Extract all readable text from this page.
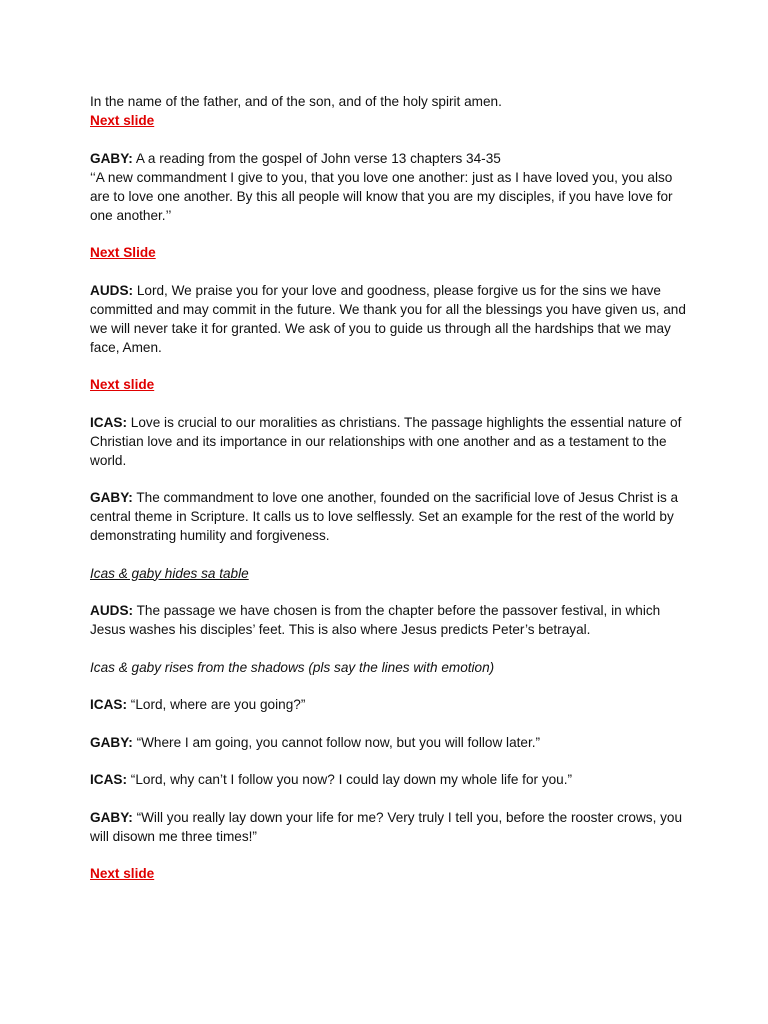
In the name of the father, and of the son, and of the holy spirit amen.

Next slide

GABY: A a reading from the gospel of John verse 13 chapters 34-35

‘‘A new commandment I give to you, that you love one another: just as I have loved you, you also are to love one another. By this all people will know that you are my disciples, if you have love for one another.’’

Next Slide

AUDS: Lord, We praise you for your love and goodness, please forgive us for the sins we have committed and may commit in the future. We thank you for all the blessings you have given us, and we will never take it for granted. We ask of you to guide us through all the hardships that we may face, Amen.

Next slide

ICAS: Love is crucial to our moralities as christians. The passage highlights the essential nature of Christian love and its importance in our relationships with one another and as a testament to the world.

GABY: The commandment to love one another, founded on the sacrificial love of Jesus Christ is a central theme in Scripture. It calls us to love selflessly. Set an example for the rest of the world by demonstrating humility and forgiveness.

Icas & gaby hides sa table

AUDS: The passage we have chosen is from the chapter before the passover festival, in which Jesus washes his disciples’ feet. This is also where Jesus predicts Peter’s betrayal.

Icas & gaby rises from the shadows (pls say the lines with emotion)

ICAS: “Lord, where are you going?”

GABY: “Where I am going, you cannot follow now, but you will follow later.”

ICAS: “Lord, why can’t I follow you now? I could lay down my whole life for you.”

GABY: “Will you really lay down your life for me? Very truly I tell you, before the rooster crows, you will disown me three times!”

Next slide
